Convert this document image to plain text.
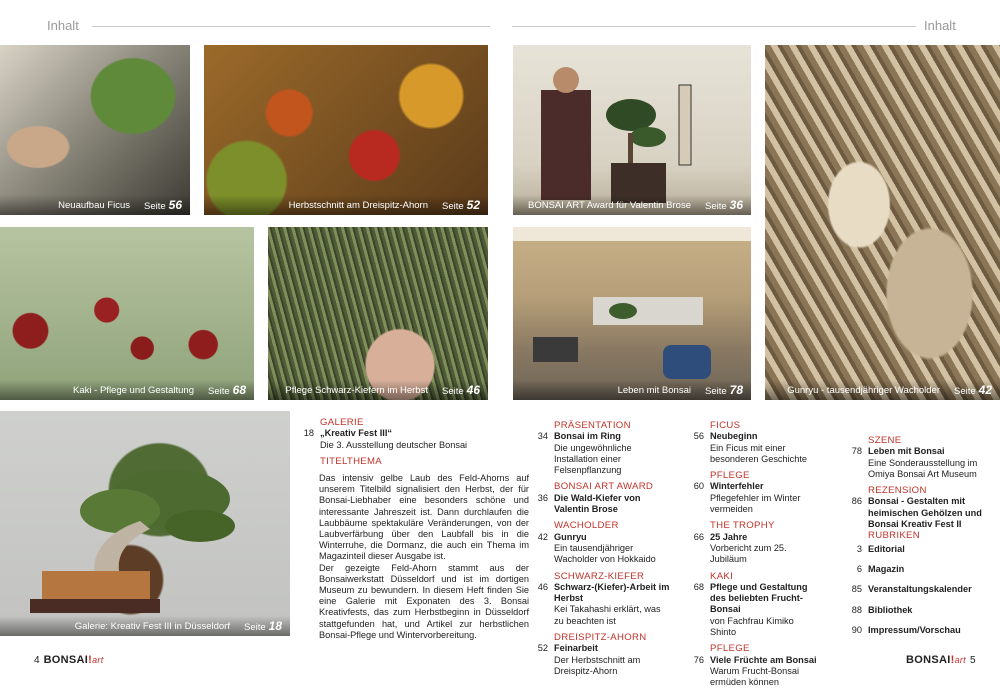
Inhalt	Inhalt
Neuaufbau Ficus Seite 56	Herbstschnitt am Dreispitz-Ahorn Seite 52	BONSAI ART Award für Valentin Brose Seite 36
Gunryu - tausendjähriger Wacholder Seite 42
Kaki - Pflege und Gestaltung Seite 68	Pflege Schwarz-Kiefern im Herbst Seite 46	Leben mit Bonsai Seite 78
Galerie: Kreativ Fest III in Düsseldorf Seite 18
GALERIE
18 „Kreativ Fest III“
Die 3. Ausstellung deutscher Bonsai
TITELTHEMA

Das intensiv gelbe Laub des Feld-Ahorns auf unserem Titelbild signalisiert den Herbst, der für Bonsai-Liebhaber eine besonders schöne und interessante Jahreszeit ist. Dann durchlaufen die Laubbäume spektakuläre Veränderungen, von der Laubverfärbung über den Laubfall bis in die Winterruhe, die Dormanz, die auch ein Thema im Magazinteil dieser Ausgabe ist.

Der gezeigte Feld-Ahorn stammt aus der Bonsaiwerkstatt Düsseldorf und ist im dortigen Museum zu bewundern. In diesem Heft finden Sie eine Galerie mit Exponaten des 3. Bonsai Kreativfests, das zum Herbstbeginn in Düsseldorf stattgefunden hat, und Artikel zur herbstlichen Bonsai-Pflege und Wintervorbereitung.

PRÄSENTATION
34 Bonsai im Ring
Die ungewöhnliche Installation einer Felsenpflanzung
BONSAI ART AWARD
36 Die Wald-Kiefer von Valentin Brose
WACHOLDER
42 Gunryu
Ein tausendjähriger Wacholder von Hokkaido
SCHWARZ-KIEFER
46 Schwarz-(Kiefer)-Arbeit im Herbst
Kei Takahashi erklärt, was zu beachten ist
DREISPITZ-AHORN
52 Feinarbeit
Der Herbstschnitt am Dreispitz-Ahorn
FICUS
56 Neubeginn
Ein Ficus mit einer besonderen Geschichte
PFLEGE
60 Winterfehler
Pflegefehler im Winter vermeiden
THE TROPHY
66 25 Jahre
Vorbericht zum 25. Jubiläum
KAKI
68 Pflege und Gestaltung des beliebten Frucht-Bonsai
von Fachfrau Kimiko Shinto
PFLEGE
76 Viele Früchte am Bonsai
Warum Frucht-Bonsai ermüden können
SZENE
78 Leben mit Bonsai
Eine Sonderausstellung im Omiya Bonsai Art Museum
REZENSION
86 Bonsai - Gestalten mit heimischen Gehölzen und Bonsai Kreativ Fest II
RUBRIKEN
3 Editorial
6 Magazin
85 Veranstaltungskalender
88 Bibliothek
90 Impressum/Vorschau
4 BONSAI!art	BONSAI!art 5
